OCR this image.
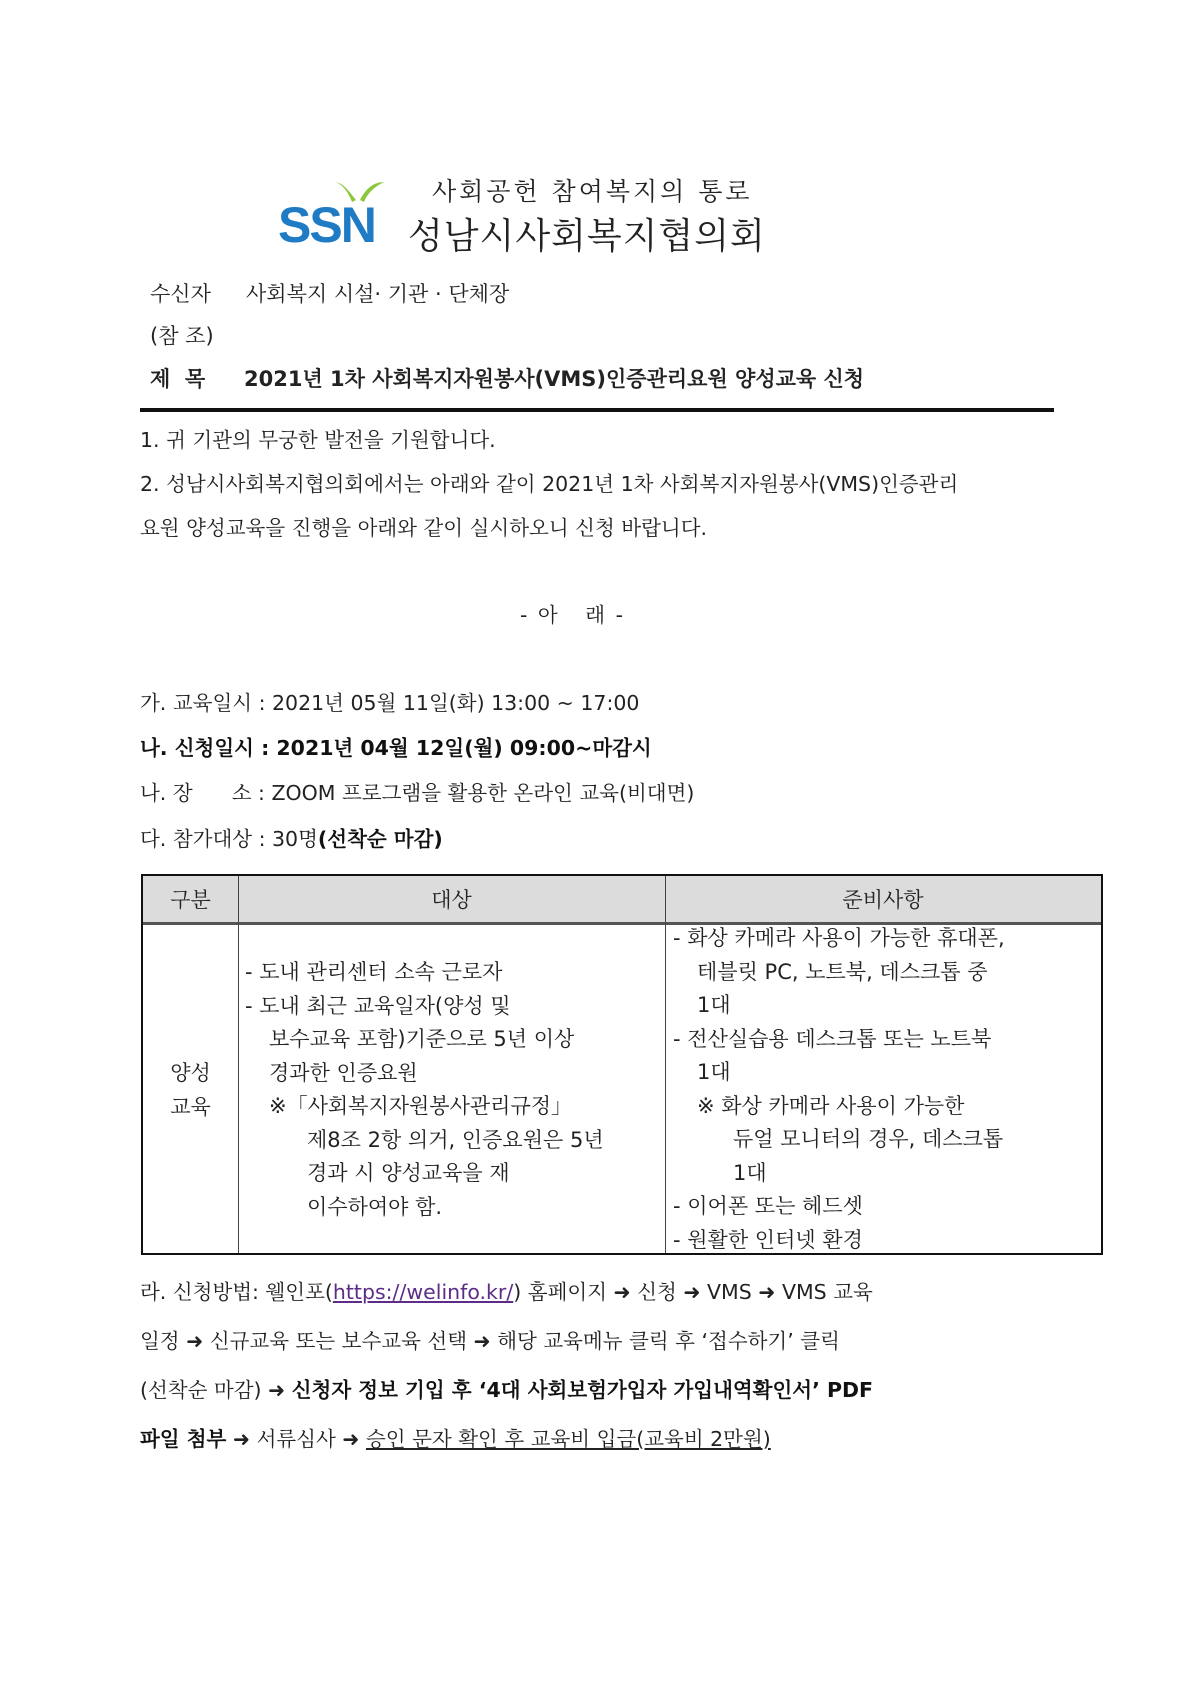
SSN
사회공헌 참여복지의 통로
성남시사회복지협의회
수신자 사회복지 시설· 기관 · 단체장
(참 조)
제  목 2021년 1차 사회복지자원봉사(VMS)인증관리요원 양성교육 신청
1. 귀 기관의 무궁한 발전을 기원합니다.
2. 성남시사회복지협의회에서는 아래와 같이 2021년 1차 사회복지자원봉사(VMS)인증관리
요원 양성교육을 진행을 아래와 같이 실시하오니 신청 바랍니다.
- 아   래 -
가. 교육일시 : 2021년 05월 11일(화) 13:00 ~ 17:00
나. 신청일시 : 2021년 04월 12일(월) 09:00~마감시
나. 장      소 : ZOOM 프로그램을 활용한 온라인 교육(비대면)
다. 참가대상 : 30명(선착순 마감)
구분	대상	준비사항
양성
교육
- 도내 관리센터 소속 근로자
- 도내 최근 교육일자(양성 및
보수교육 포함)기준으로 5년 이상
경과한 인증요원
※「사회복지자원봉사관리규정」
제8조 2항 의거, 인증요원은 5년
경과 시 양성교육을 재
이수하여야 함.
- 화상 카메라 사용이 가능한 휴대폰,
테블릿 PC, 노트북, 데스크톱 중
1대
- 전산실습용 데스크톱 또는 노트북
1대
※ 화상 카메라 사용이 가능한
듀얼 모니터의 경우, 데스크톱
1대
- 이어폰 또는 헤드셋
- 원활한 인터넷 환경
라. 신청방법: 웰인포(https://welinfo.kr/) 홈페이지 ➜ 신청 ➜ VMS ➜ VMS 교육
일정 ➜ 신규교육 또는 보수교육 선택 ➜ 해당 교육메뉴 클릭 후 ‘접수하기’ 클릭
(선착순 마감) ➜ 신청자 정보 기입 후 ‘4대 사회보험가입자 가입내역확인서’ PDF
파일 첨부 ➜ 서류심사 ➜ 승인 문자 확인 후 교육비 입금(교육비 2만원)
